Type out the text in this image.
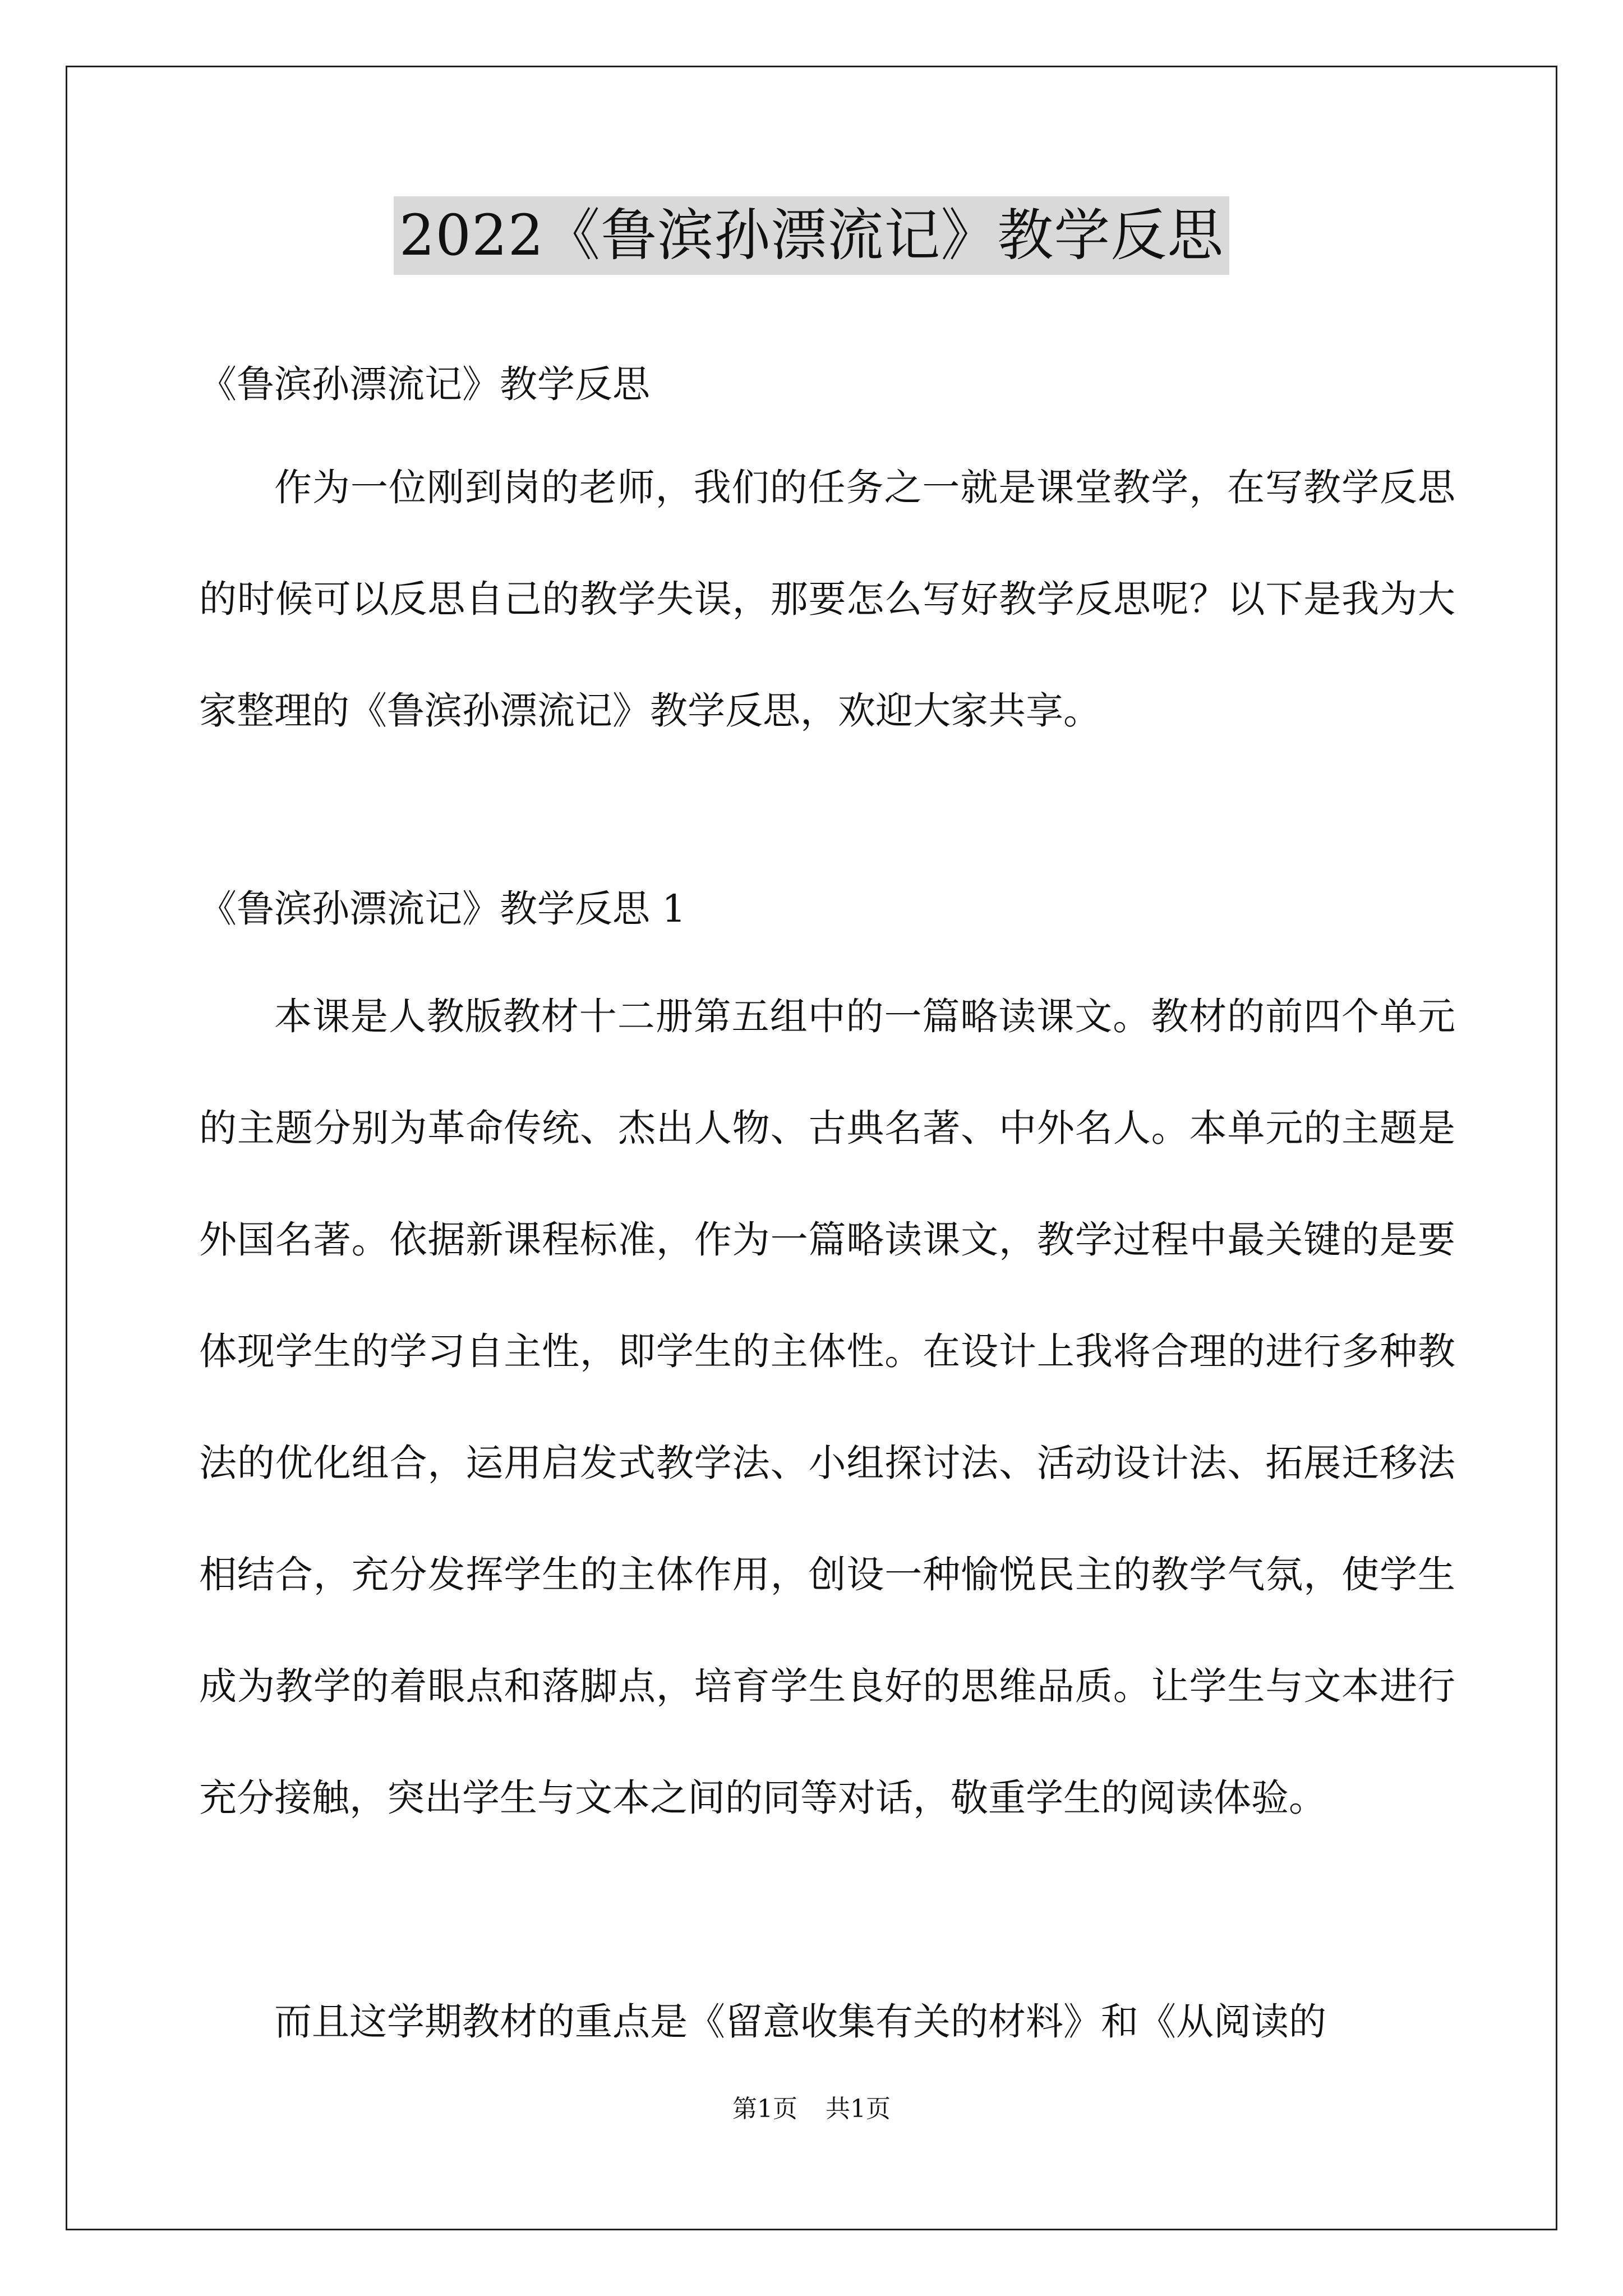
2022《鲁滨孙漂流记》教学反思

《鲁滨孙漂流记》教学反思

作为一位刚到岗的老师，我们的任务之一就是课堂教学，在写教学反思的时候可以反思自己的教学失误，那要怎么写好教学反思呢？以下是我为大家整理的《鲁滨孙漂流记》教学反思，欢迎大家共享。

《鲁滨孙漂流记》教学反思 1

本课是人教版教材十二册第五组中的一篇略读课文。教材的前四个单元的主题分别为革命传统、杰出人物、古典名著、中外名人。本单元的主题是外国名著。依据新课程标准，作为一篇略读课文，教学过程中最关键的是要体现学生的学习自主性，即学生的主体性。在设计上我将合理的进行多种教法的优化组合，运用启发式教学法、小组探讨法、活动设计法、拓展迁移法相结合，充分发挥学生的主体作用，创设一种愉悦民主的教学气氛，使学生成为教学的着眼点和落脚点，培育学生良好的思维品质。让学生与文本进行充分接触，突出学生与文本之间的同等对话，敬重学生的阅读体验。

而且这学期教材的重点是《留意收集有关的材料》和《从阅读的

第1页 共1页
